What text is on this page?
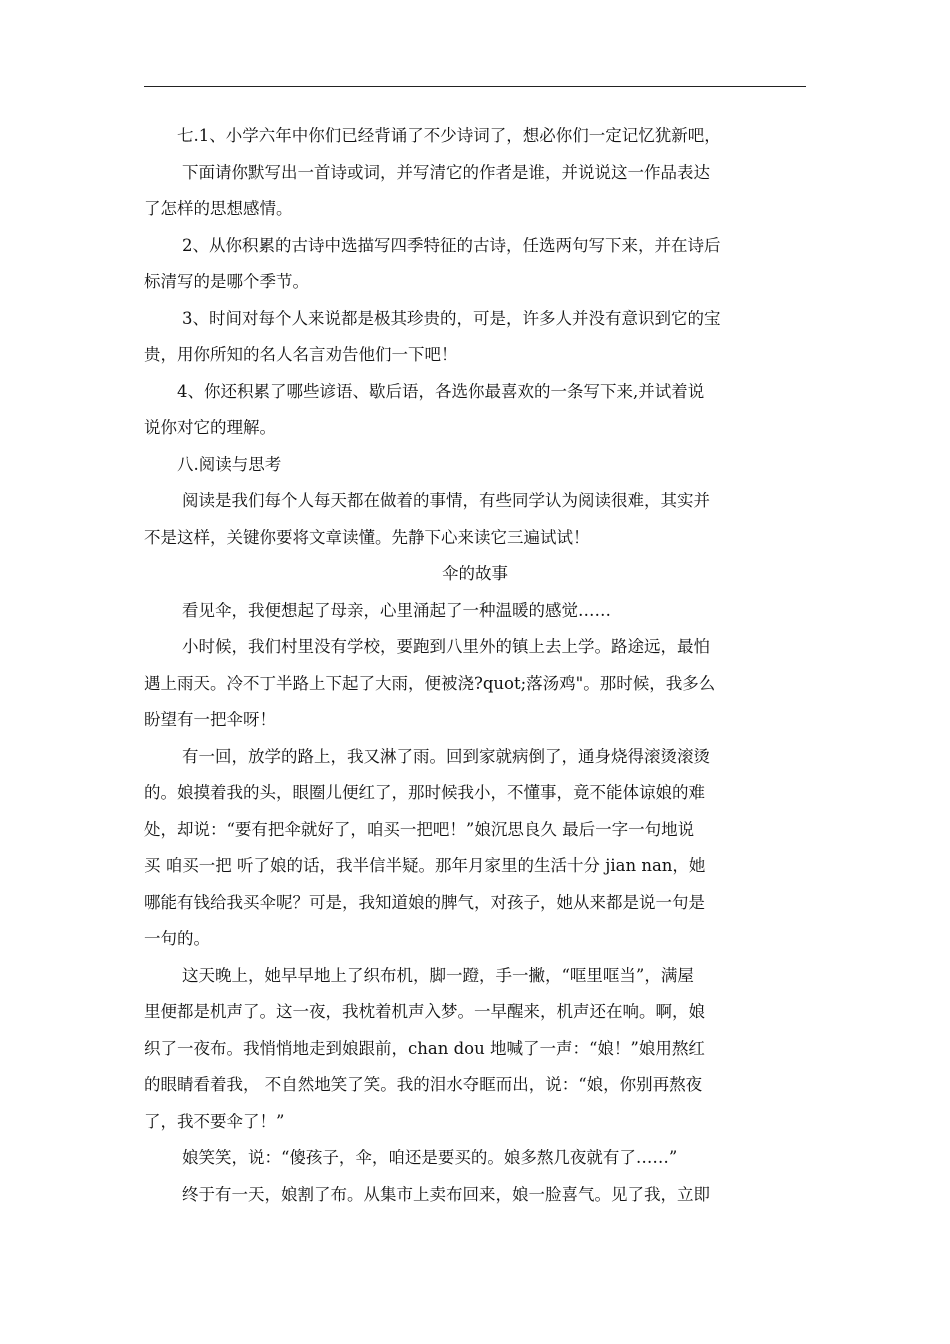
七.1、小学六年中你们已经背诵了不少诗词了，想必你们一定记忆犹新吧，

下面请你默写出一首诗或词，并写清它的作者是谁，并说说这一作品表达

了怎样的思想感情。

2、从你积累的古诗中选描写四季特征的古诗，任选两句写下来，并在诗后

标清写的是哪个季节。

3、时间对每个人来说都是极其珍贵的，可是，许多人并没有意识到它的宝

贵，用你所知的名人名言劝告他们一下吧！

4、你还积累了哪些谚语、歇后语，各选你最喜欢的一条写下来,并试着说

说你对它的理解。

八.阅读与思考

阅读是我们每个人每天都在做着的事情，有些同学认为阅读很难，其实并

不是这样，关键你要将文章读懂。先静下心来读它三遍试试！

伞的故事

看见伞，我便想起了母亲，心里涌起了一种温暖的感觉……

小时候，我们村里没有学校，要跑到八里外的镇上去上学。路途远，最怕

遇上雨天。冷不丁半路上下起了大雨，便被浇?quot;落汤鸡"。那时候，我多么

盼望有一把伞呀！

有一回，放学的路上，我又淋了雨。回到家就病倒了，通身烧得滚烫滚烫

的。娘摸着我的头，眼圈儿便红了，那时候我小，不懂事，竟不能体谅娘的难

处，却说：“要有把伞就好了，咱买一把吧！”娘沉思良久 最后一字一句地说

买 咱买一把 听了娘的话，我半信半疑。那年月家里的生活十分 jian nan，她

哪能有钱给我买伞呢？可是，我知道娘的脾气，对孩子，她从来都是说一句是

一句的。

这天晚上，她早早地上了织布机，脚一蹬，手一撇，“哐里哐当”，满屋

里便都是机声了。这一夜，我枕着机声入梦。一早醒来，机声还在响。啊，娘

织了一夜布。我悄悄地走到娘跟前，chan dou 地喊了一声：“娘！”娘用熬红

的眼睛看着我， 不自然地笑了笑。我的泪水夺眶而出，说：“娘，你别再熬夜

了，我不要伞了！”

娘笑笑，说：“傻孩子，伞，咱还是要买的。娘多熬几夜就有了……”

终于有一天，娘割了布。从集市上卖布回来，娘一脸喜气。见了我，立即
